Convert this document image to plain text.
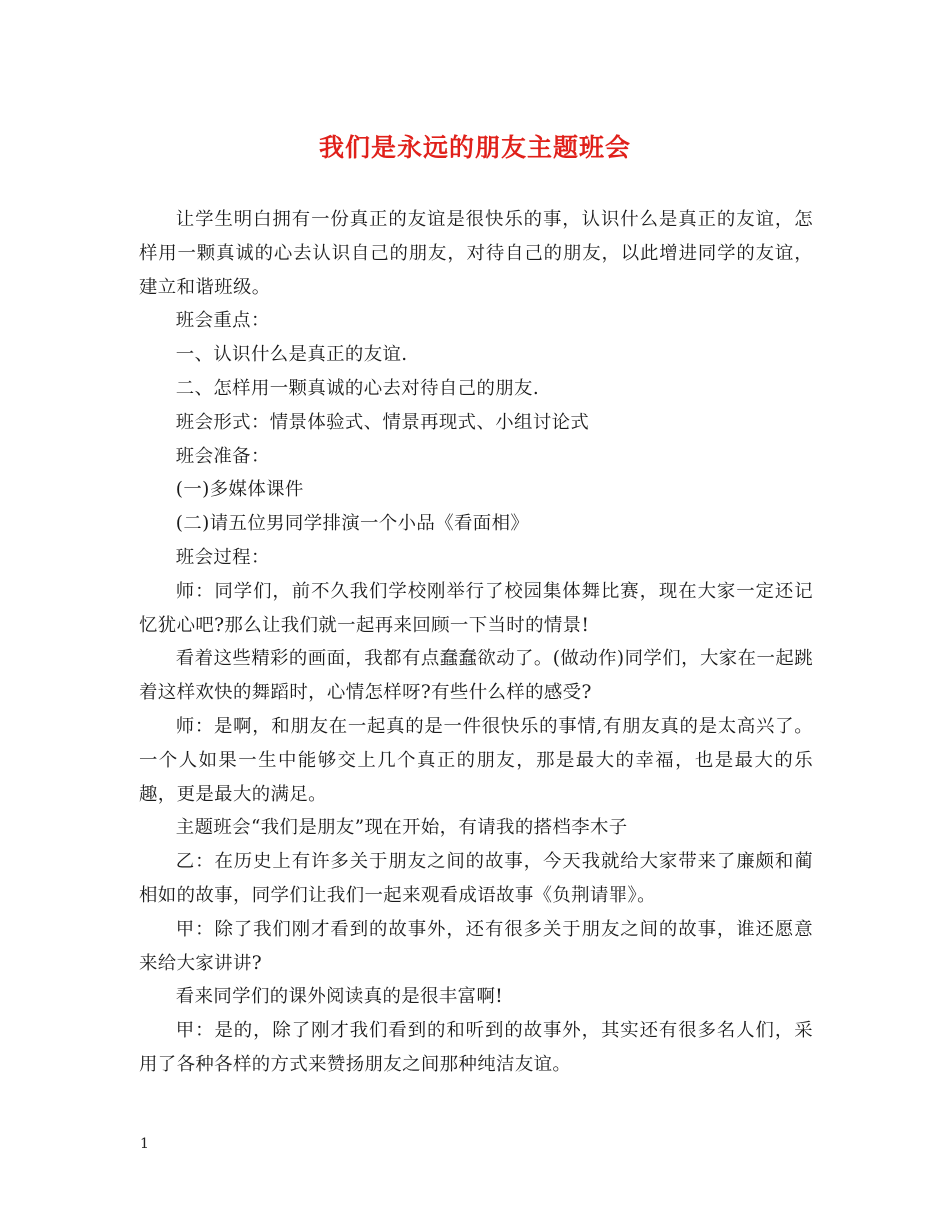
我们是永远的朋友主题班会

让学生明白拥有一份真正的友谊是很快乐的事，认识什么是真正的友谊，怎样用一颗真诚的心去认识自己的朋友，对待自己的朋友，以此增进同学的友谊，建立和谐班级。

班会重点：

一、认识什么是真正的友谊.

二、怎样用一颗真诚的心去对待自己的朋友.

班会形式：情景体验式、情景再现式、小组讨论式

班会准备：

(一)多媒体课件

(二)请五位男同学排演一个小品《看面相》

班会过程：

师：同学们，前不久我们学校刚举行了校园集体舞比赛，现在大家一定还记忆犹心吧?那么让我们就一起再来回顾一下当时的情景!

看着这些精彩的画面，我都有点蠢蠢欲动了。(做动作)同学们，大家在一起跳着这样欢快的舞蹈时，心情怎样呀?有些什么样的感受?

师：是啊，和朋友在一起真的是一件很快乐的事情,有朋友真的是太高兴了。一个人如果一生中能够交上几个真正的朋友，那是最大的幸福，也是最大的乐趣，更是最大的满足。

主题班会“我们是朋友”现在开始，有请我的搭档李木子

乙：在历史上有许多关于朋友之间的故事，今天我就给大家带来了廉颇和蔺相如的故事，同学们让我们一起来观看成语故事《负荆请罪》。

甲：除了我们刚才看到的故事外，还有很多关于朋友之间的故事，谁还愿意来给大家讲讲?

看来同学们的课外阅读真的是很丰富啊!

甲：是的，除了刚才我们看到的和听到的故事外，其实还有很多名人们，采用了各种各样的方式来赞扬朋友之间那种纯洁友谊。

1
